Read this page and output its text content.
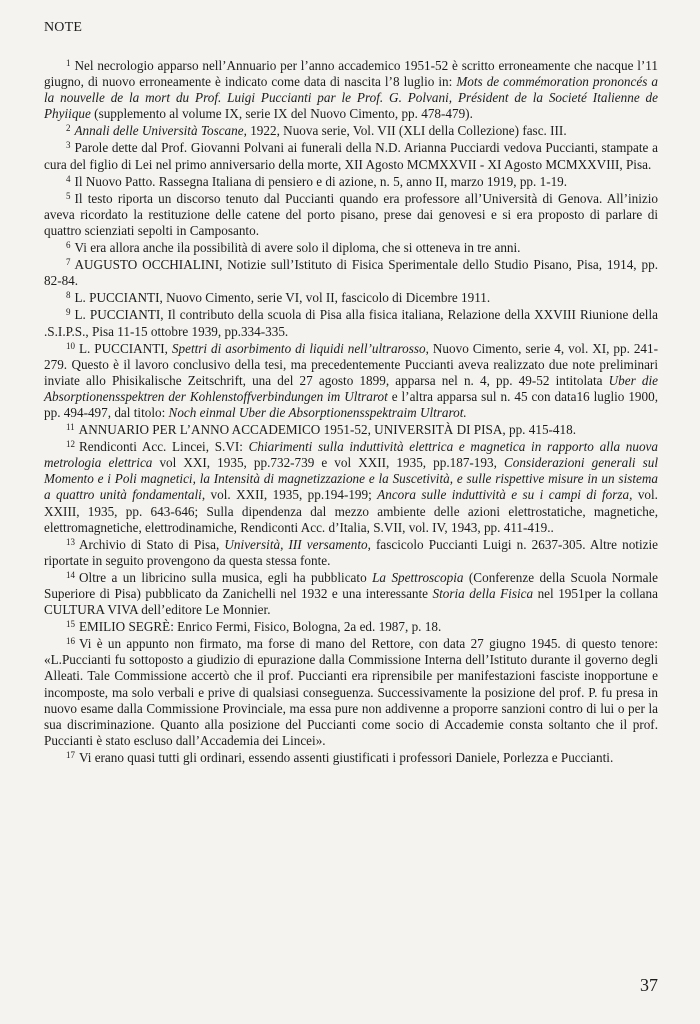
NOTE

$^1$ Nel necrologio apparso nell’Annuario per l’anno accademico 1951-52 è scritto erroneamente che nacque l’11 giugno, di nuovo erroneamente è indicato come data di nascita l’8 luglio in: Mots de commémoration prononcés a la nouvelle de la mort du Prof. Luigi Puccianti par le Prof. G. Polvani, Président de la Societé Italienne de Phyiique (supplemento al volume IX, serie IX del Nuovo Cimento, pp. 478-479).

$^2$ Annali delle Università Toscane, 1922, Nuova serie, Vol. VII (XLI della Collezione) fasc. III.

$^3$ Parole dette dal Prof. Giovanni Polvani ai funerali della N.D. Arianna Pucciardi vedova Puccianti, stampate a cura del figlio di Lei nel primo anniversario della morte, XII Agosto MCMXXVII - XI Agosto MCMXXVIII, Pisa.

$^4$ Il Nuovo Patto. Rassegna Italiana di pensiero e di azione, n. 5, anno II, marzo 1919, pp. 1-19.

$^5$ Il testo riporta un discorso tenuto dal Puccianti quando era professore all’Università di Genova. All’inizio aveva ricordato la restituzione delle catene del porto pisano, prese dai genovesi e si era proposto di parlare di quattro scienziati sepolti in Camposanto.

$^6$ Vi era allora anche ila possibilità di avere solo il diploma, che si otteneva in tre anni.

$^7$ AUGUSTO OCCHIALINI, Notizie sull’Istituto di Fisica Sperimentale dello Studio Pisano, Pisa, 1914, pp. 82-84.

$^8$ L. PUCCIANTI, Nuovo Cimento, serie VI, vol II, fascicolo di Dicembre 1911.

$^9$ L. PUCCIANTI, Il contributo della scuola di Pisa alla fisica italiana, Relazione della XXVIII Riunione della .S.I.P.S., Pisa 11-15 ottobre 1939, pp.334-335.

$^{10}$ L. PUCCIANTI, Spettri di asorbimento di liquidi nell’ultrarosso, Nuovo Cimento, serie 4, vol. XI, pp. 241-279. Questo è il lavoro conclusivo della tesi, ma precedentemente Puccianti aveva realizzato due note preliminari inviate allo Phisikalische Zeitschrift, una del 27 agosto 1899, apparsa nel n. 4, pp. 49-52 intitolata Uber die Absorptionensspektren der Kohlenstoffverbindungen im Ultrarot e l’altra apparsa sul n. 45 con data16 luglio 1900, pp. 494-497, dal titolo: Noch einmal Uber die Absorptionensspektraim Ultrarot.

$^{11}$ ANNUARIO PER L’ANNO ACCADEMICO 1951-52, UNIVERSITÀ DI PISA, pp. 415-418.

$^{12}$ Rendiconti Acc. Lincei, S.VI: Chiarimenti sulla induttività elettrica e magnetica in rapporto alla nuova metrologia elettrica vol XXI, 1935, pp.732-739 e vol XXII, 1935, pp.187-193, Considerazioni generali sul Momento e i Poli magnetici, la Intensità di magnetizzazione e la Suscetività, e sulle rispettive misure in un sistema a quattro unità fondamentali, vol. XXII, 1935, pp.194-199; Ancora sulle induttività e su i campi di forza, vol. XXIII, 1935, pp. 643-646; Sulla dipendenza dal mezzo ambiente delle azioni elettrostatiche, magnetiche, elettromagnetiche, elettrodinamiche, Rendiconti Acc. d’Italia, S.VII, vol. IV, 1943, pp. 411-419..

$^{13}$ Archivio di Stato di Pisa, Università, III versamento, fascicolo Puccianti Luigi n. 2637-305. Altre notizie riportate in seguito provengono da questa stessa fonte.

$^{14}$ Oltre a un libricino sulla musica, egli ha pubblicato La Spettroscopia (Conferenze della Scuola Normale Superiore di Pisa) pubblicato da Zanichelli nel 1932 e una interessante Storia della Fisica nel 1951per la collana CULTURA VIVA dell’editore Le Monnier.

$^{15}$ EMILIO SEGRÈ: Enrico Fermi, Fisico, Bologna, 2a ed. 1987, p. 18.

$^{16}$ Vi è un appunto non firmato, ma forse di mano del Rettore, con data 27 giugno 1945. di questo tenore: «L.Puccianti fu sottoposto a giudizio di epurazione dalla Commissione Interna dell’Istituto durante il governo degli Alleati. Tale Commissione accertò che il prof. Puccianti era riprensibile per manifestazioni fasciste inopportune e incomposte, ma solo verbali e prive di qualsiasi conseguenza. Successivamente la posizione del prof. P. fu presa in nuovo esame dalla Commissione Provinciale, ma essa pure non addivenne a proporre sanzioni contro di lui o per la sua discriminazione. Quanto alla posizione del Puccianti come socio di Accademie consta soltanto che il prof. Puccianti è stato escluso dall’Accademia dei Lincei».

$^{17}$ Vi erano quasi tutti gli ordinari, essendo assenti giustificati i professori Daniele, Porlezza e Puccianti.

37
